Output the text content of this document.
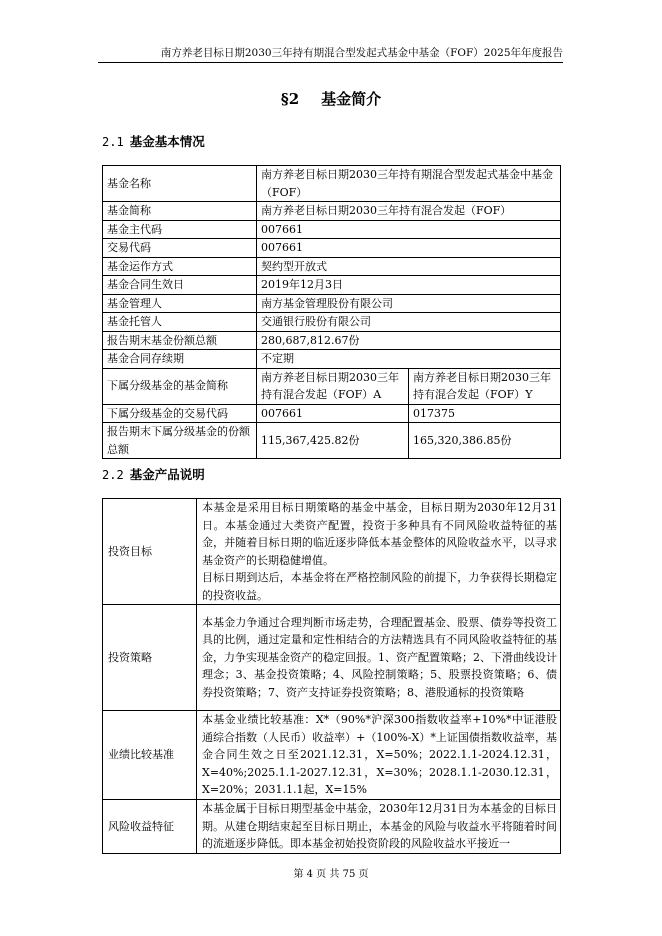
南方养老目标日期2030三年持有期混合型发起式基金中基金（FOF）2025年年度报告
§2 基金简介
2.1 基金基本情况
基金名称	南方养老目标日期2030三年持有期混合型发起式基金中基金（FOF）	
基金简称	南方养老目标日期2030三年持有混合发起（FOF）	
基金主代码	007661	
交易代码	007661	
基金运作方式	契约型开放式	
基金合同生效日	2019年12月3日	
基金管理人	南方基金管理股份有限公司	
基金托管人	交通银行股份有限公司	
报告期末基金份额总额	280,687,812.67份	
基金合同存续期	不定期	
下属分级基金的基金简称	南方养老目标日期2030三年持有混合发起（FOF）A	南方养老目标日期2030三年持有混合发起（FOF）Y
下属分级基金的交易代码	007661	017375
报告期末下属分级基金的份额总额	115,367,425.82份	165,320,386.85份
2.2 基金产品说明
投资目标	本基金是采用目标日期策略的基金中基金，目标日期为2030年12月31日。本基金通过大类资产配置，投资于多种具有不同风险收益特征的基金，并随着目标日期的临近逐步降低本基金整体的风险收益水平，以寻求基金资产的长期稳健增值。
目标日期到达后，本基金将在严格控制风险的前提下，力争获得长期稳定的投资收益。

投资策略	本基金力争通过合理判断市场走势，合理配置基金、股票、债券等投资工具的比例，通过定量和定性相结合的方法精选具有不同风险收益特征的基金，力争实现基金资产的稳定回报。1、资产配置策略；2、下滑曲线设计理念；3、基金投资策略；4、风险控制策略；5、股票投资策略；6、债券投资策略；7、资产支持证券投资策略；8、港股通标的投资策略
业绩比较基准	本基金业绩比较基准：X*（90%*沪深300指数收益率+10%*中证港股通综合指数（人民币）收益率）+（100%-X）*上证国债指数收益率，基金合同生效之日至2021.12.31，X=50%；2022.1.1-2024.12.31，X=40%;2025.1.1-2027.12.31，X=30%；2028.1.1-2030.12.31，X=20%；2031.1.1起，X=15%
风险收益特征	本基金属于目标日期型基金中基金，2030年12月31日为本基金的目标日期。从建仓期结束起至目标日期止，本基金的风险与收益水平将随着时间的流逝逐步降低。即本基金初始投资阶段的风险收益水平接近一
第 4 页 共 75 页
